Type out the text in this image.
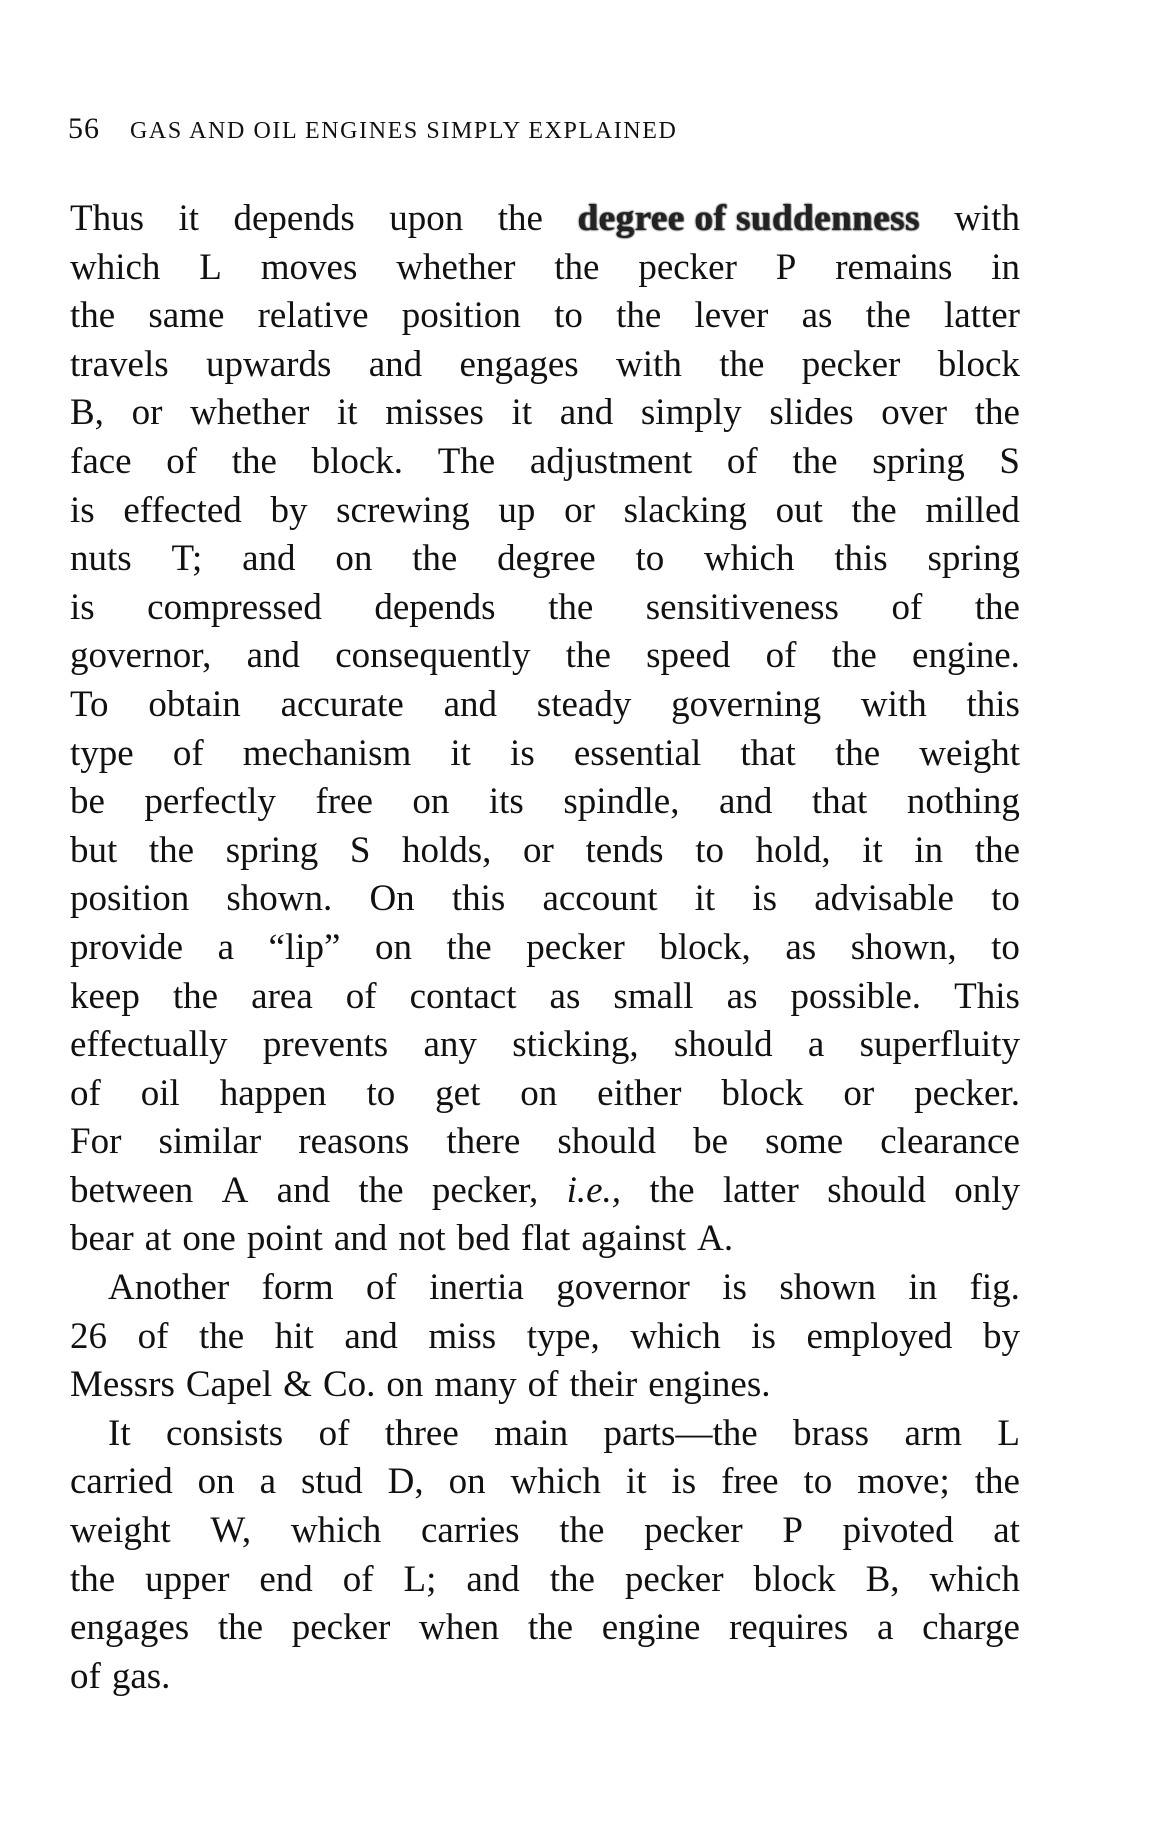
56 GAS AND OIL ENGINES SIMPLY EXPLAINED
Thus it depends upon the degree of suddenness with
which L moves whether the pecker P remains in
the same relative position to the lever as the latter
travels upwards and engages with the pecker block
B, or whether it misses it and simply slides over the
face of the block. The adjustment of the spring S
is effected by screwing up or slacking out the milled
nuts T; and on the degree to which this spring
is compressed depends the sensitiveness of the
governor, and consequently the speed of the engine.
To obtain accurate and steady governing with this
type of mechanism it is essential that the weight
be perfectly free on its spindle, and that nothing
but the spring S holds, or tends to hold, it in the
position shown. On this account it is advisable to
provide a “lip” on the pecker block, as shown, to
keep the area of contact as small as possible. This
effectually prevents any sticking, should a superfluity
of oil happen to get on either block or pecker.
For similar reasons there should be some clearance
between A and the pecker, i.e., the latter should only
bear at one point and not bed flat against A.
Another form of inertia governor is shown in fig.
26 of the hit and miss type, which is employed by
Messrs Capel & Co. on many of their engines.
It consists of three main parts—the brass arm L
carried on a stud D, on which it is free to move; the
weight W, which carries the pecker P pivoted at
the upper end of L; and the pecker block B, which
engages the pecker when the engine requires a charge
of gas.
